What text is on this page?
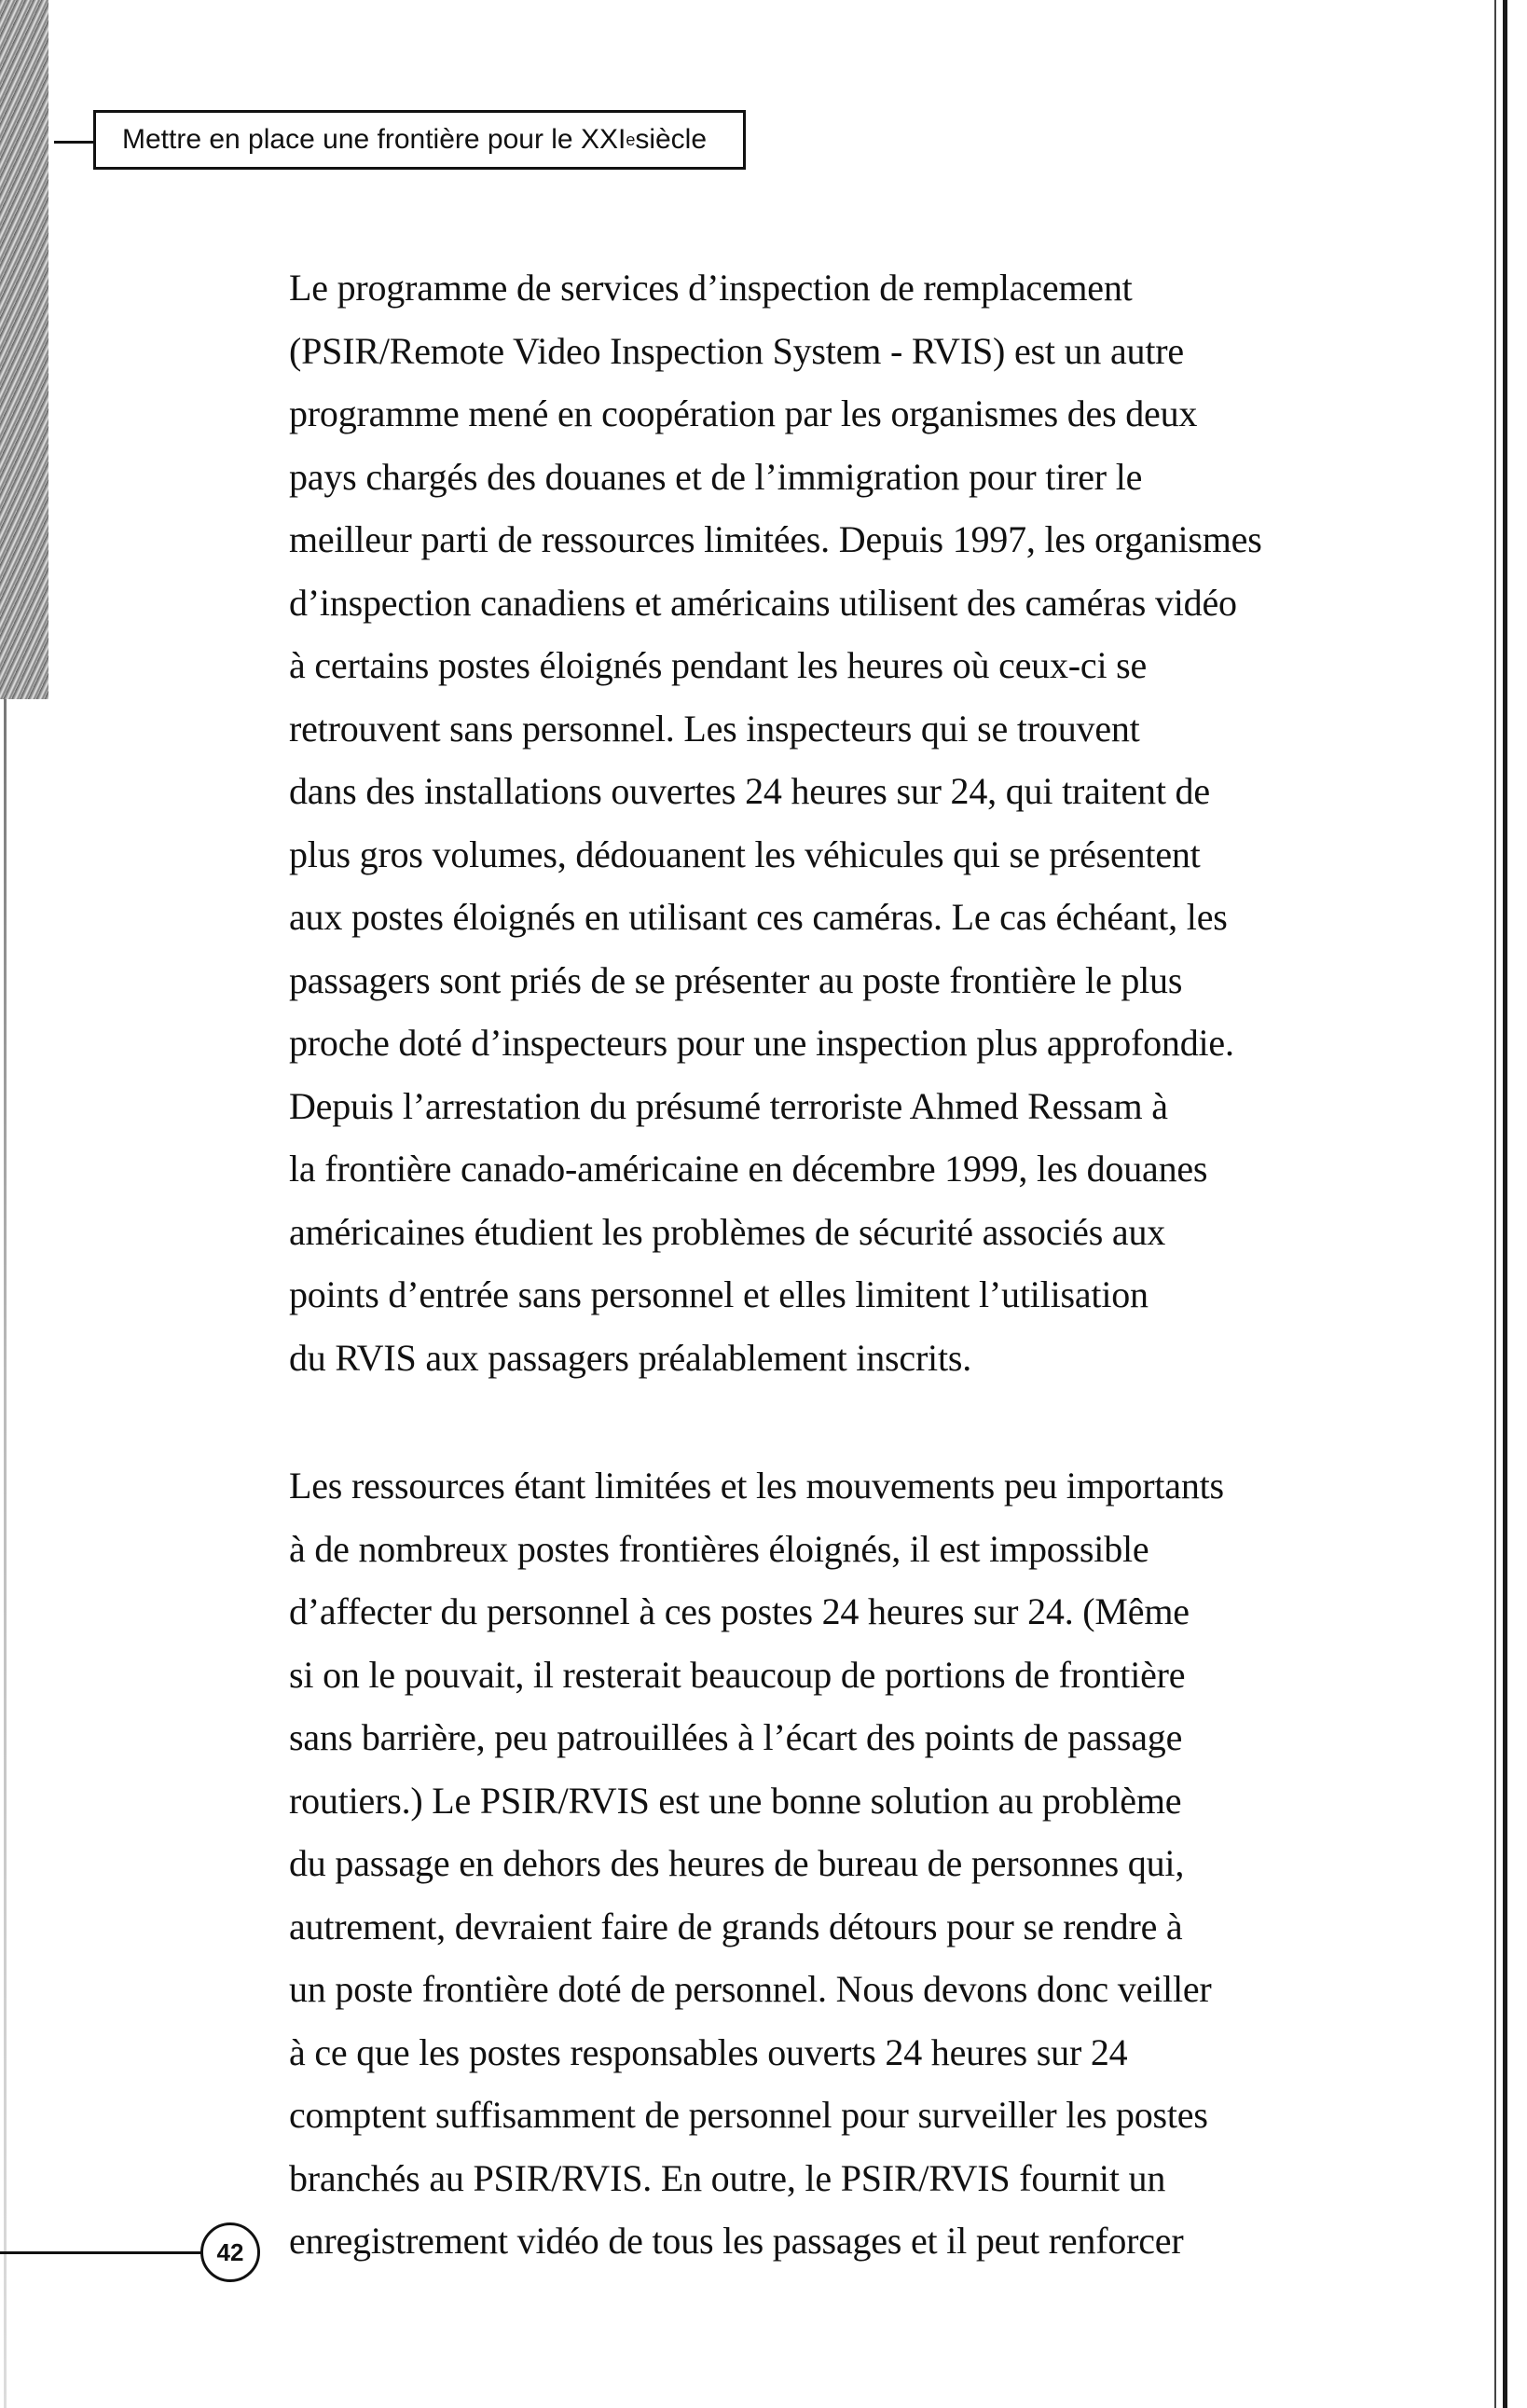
Mettre en place une frontière pour le XXI e siècle

Le programme de services d’inspection de remplacement
(PSIR/Remote Video Inspection System - RVIS) est un autre
programme mené en coopération par les organismes des deux
pays chargés des douanes et de l’immigration pour tirer le
meilleur parti de ressources limitées. Depuis 1997, les organismes
d’inspection canadiens et américains utilisent des caméras vidéo
à certains postes éloignés pendant les heures où ceux-ci se
retrouvent sans personnel. Les inspecteurs qui se trouvent
dans des installations ouvertes 24 heures sur 24, qui traitent de
plus gros volumes, dédouanent les véhicules qui se présentent
aux postes éloignés en utilisant ces caméras. Le cas échéant, les
passagers sont priés de se présenter au poste frontière le plus
proche doté d’inspecteurs pour une inspection plus approfondie.
Depuis l’arrestation du présumé terroriste Ahmed Ressam à
la frontière canado-américaine en décembre 1999, les douanes
américaines étudient les problèmes de sécurité associés aux
points d’entrée sans personnel et elles limitent l’utilisation
du RVIS aux passagers préalablement inscrits.

Les ressources étant limitées et les mouvements peu importants
à de nombreux postes frontières éloignés, il est impossible
d’affecter du personnel à ces postes 24 heures sur 24. (Même
si on le pouvait, il resterait beaucoup de portions de frontière
sans barrière, peu patrouillées à l’écart des points de passage
routiers.) Le PSIR/RVIS est une bonne solution au problème
du passage en dehors des heures de bureau de personnes qui,
autrement, devraient faire de grands détours pour se rendre à
un poste frontière doté de personnel. Nous devons donc veiller
à ce que les postes responsables ouverts 24 heures sur 24
comptent suffisamment de personnel pour surveiller les postes
branchés au PSIR/RVIS. En outre, le PSIR/RVIS fournit un
enregistrement vidéo de tous les passages et il peut renforcer

42
